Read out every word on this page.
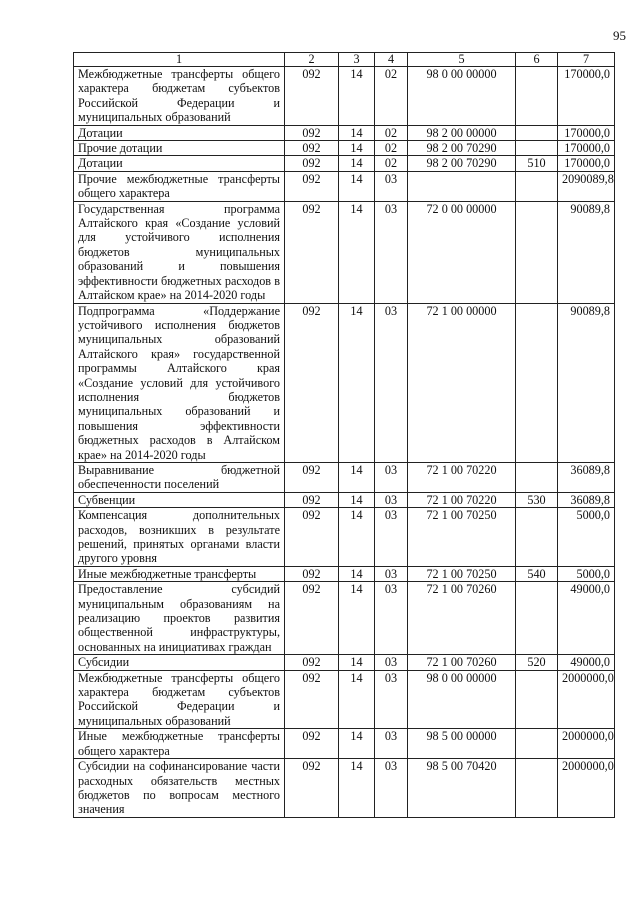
95
1	2	3	4	5	6	7
Межбюджетные трансферты общего характера бюджетам субъектов Российской Федерации и муниципальных образований	092	14	02	98 0 00 00000		170000,0
Дотации	092	14	02	98 2 00 00000		170000,0
Прочие дотации	092	14	02	98 2 00 70290		170000,0
Дотации	092	14	02	98 2 00 70290	510	170000,0
Прочие межбюджетные трансферты общего характера	092	14	03			2090089,8
Государственная программа Алтайского края «Создание условий для устойчивого исполнения бюджетов муниципальных образований и повышения эффективности бюджетных расходов в Алтайском крае» на 2014-2020 годы	092	14	03	72 0 00 00000		90089,8
Подпрограмма «Поддержание устойчивого исполнения бюджетов муниципальных образований Алтайского края» государственной программы Алтайского края «Создание условий для устойчивого исполнения бюджетов муниципальных образований и повышения эффективности бюджетных расходов в Алтайском крае» на 2014-2020 годы	092	14	03	72 1 00 00000		90089,8
Выравнивание бюджетной обеспеченности поселений	092	14	03	72 1 00 70220		36089,8
Субвенции	092	14	03	72 1 00 70220	530	36089,8
Компенсация дополнительных расходов, возникших в результате решений, принятых органами власти другого уровня	092	14	03	72 1 00 70250		5000,0
Иные межбюджетные трансферты	092	14	03	72 1 00 70250	540	5000,0
Предоставление субсидий муниципальным образованиям на реализацию проектов развития общественной инфраструктуры, основанных на инициативах граждан	092	14	03	72 1 00 70260		49000,0
Субсидии	092	14	03	72 1 00 70260	520	49000,0
Межбюджетные трансферты общего характера бюджетам субъектов Российской Федерации и муниципальных образований	092	14	03	98 0 00 00000		2000000,0
Иные межбюджетные трансферты общего характера	092	14	03	98 5 00 00000		2000000,0
Субсидии на софинансирование части расходных обязательств местных бюджетов по вопросам местного значения	092	14	03	98 5 00 70420		2000000,0
